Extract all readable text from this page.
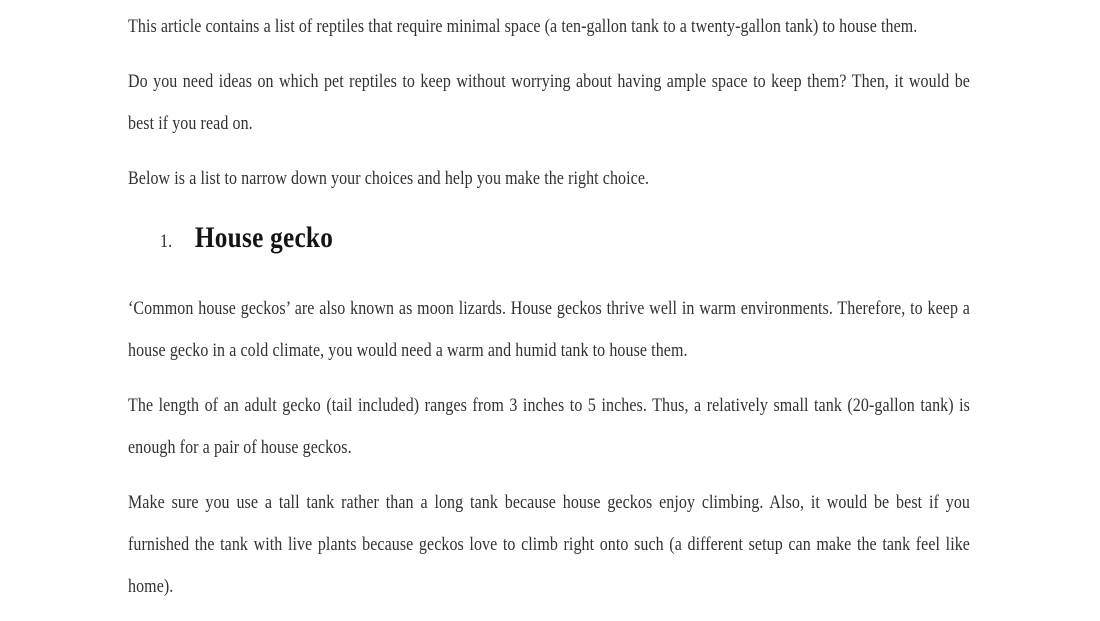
This article contains a list of reptiles that require minimal space (a ten-gallon tank to a twenty-gallon tank) to house them.

Do you need ideas on which pet reptiles to keep without worrying about having ample space to keep them? Then, it would be best if you read on.

Below is a list to narrow down your choices and help you make the right choice.

1. House gecko

‘Common house geckos’ are also known as moon lizards. House geckos thrive well in warm environments. Therefore, to keep a house gecko in a cold climate, you would need a warm and humid tank to house them.

The length of an adult gecko (tail included) ranges from 3 inches to 5 inches. Thus, a relatively small tank (20-gallon tank) is enough for a pair of house geckos.

Make sure you use a tall tank rather than a long tank because house geckos enjoy climbing. Also, it would be best if you furnished the tank with live plants because geckos love to climb right onto such (a different setup can make the tank feel like home).
